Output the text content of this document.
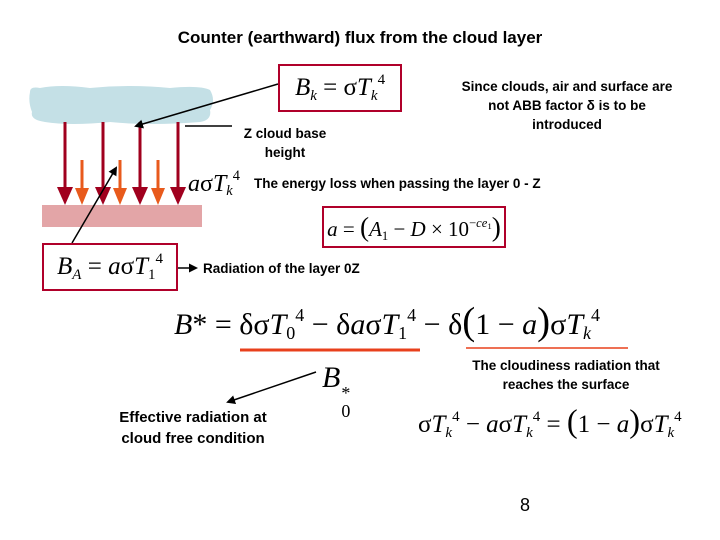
Counter (earthward) flux from the cloud layer
$B_k = \sigma T_k^4$	Since clouds, air and surface are not ABB factor δ is to be introduced
Z cloud base height
aσT$_k^4$ The energy loss when passing the layer 0 - Z
$a = (A_1 - D \times 10^{-ce_1})$
$B_A = a\sigma T_1^4$
Radiation of the layer 0Z
$B* = \delta\sigma T_0^4 - \delta a\sigma T_1^4 - \delta(1 - a)\sigma T_k^4$
B *
0
The cloudiness radiation that reaches the surface
Effective radiation at cloud free condition
$\sigma T_k^4 - a\sigma T_k^4 = (1 - a)\sigma T_k^4$
8
